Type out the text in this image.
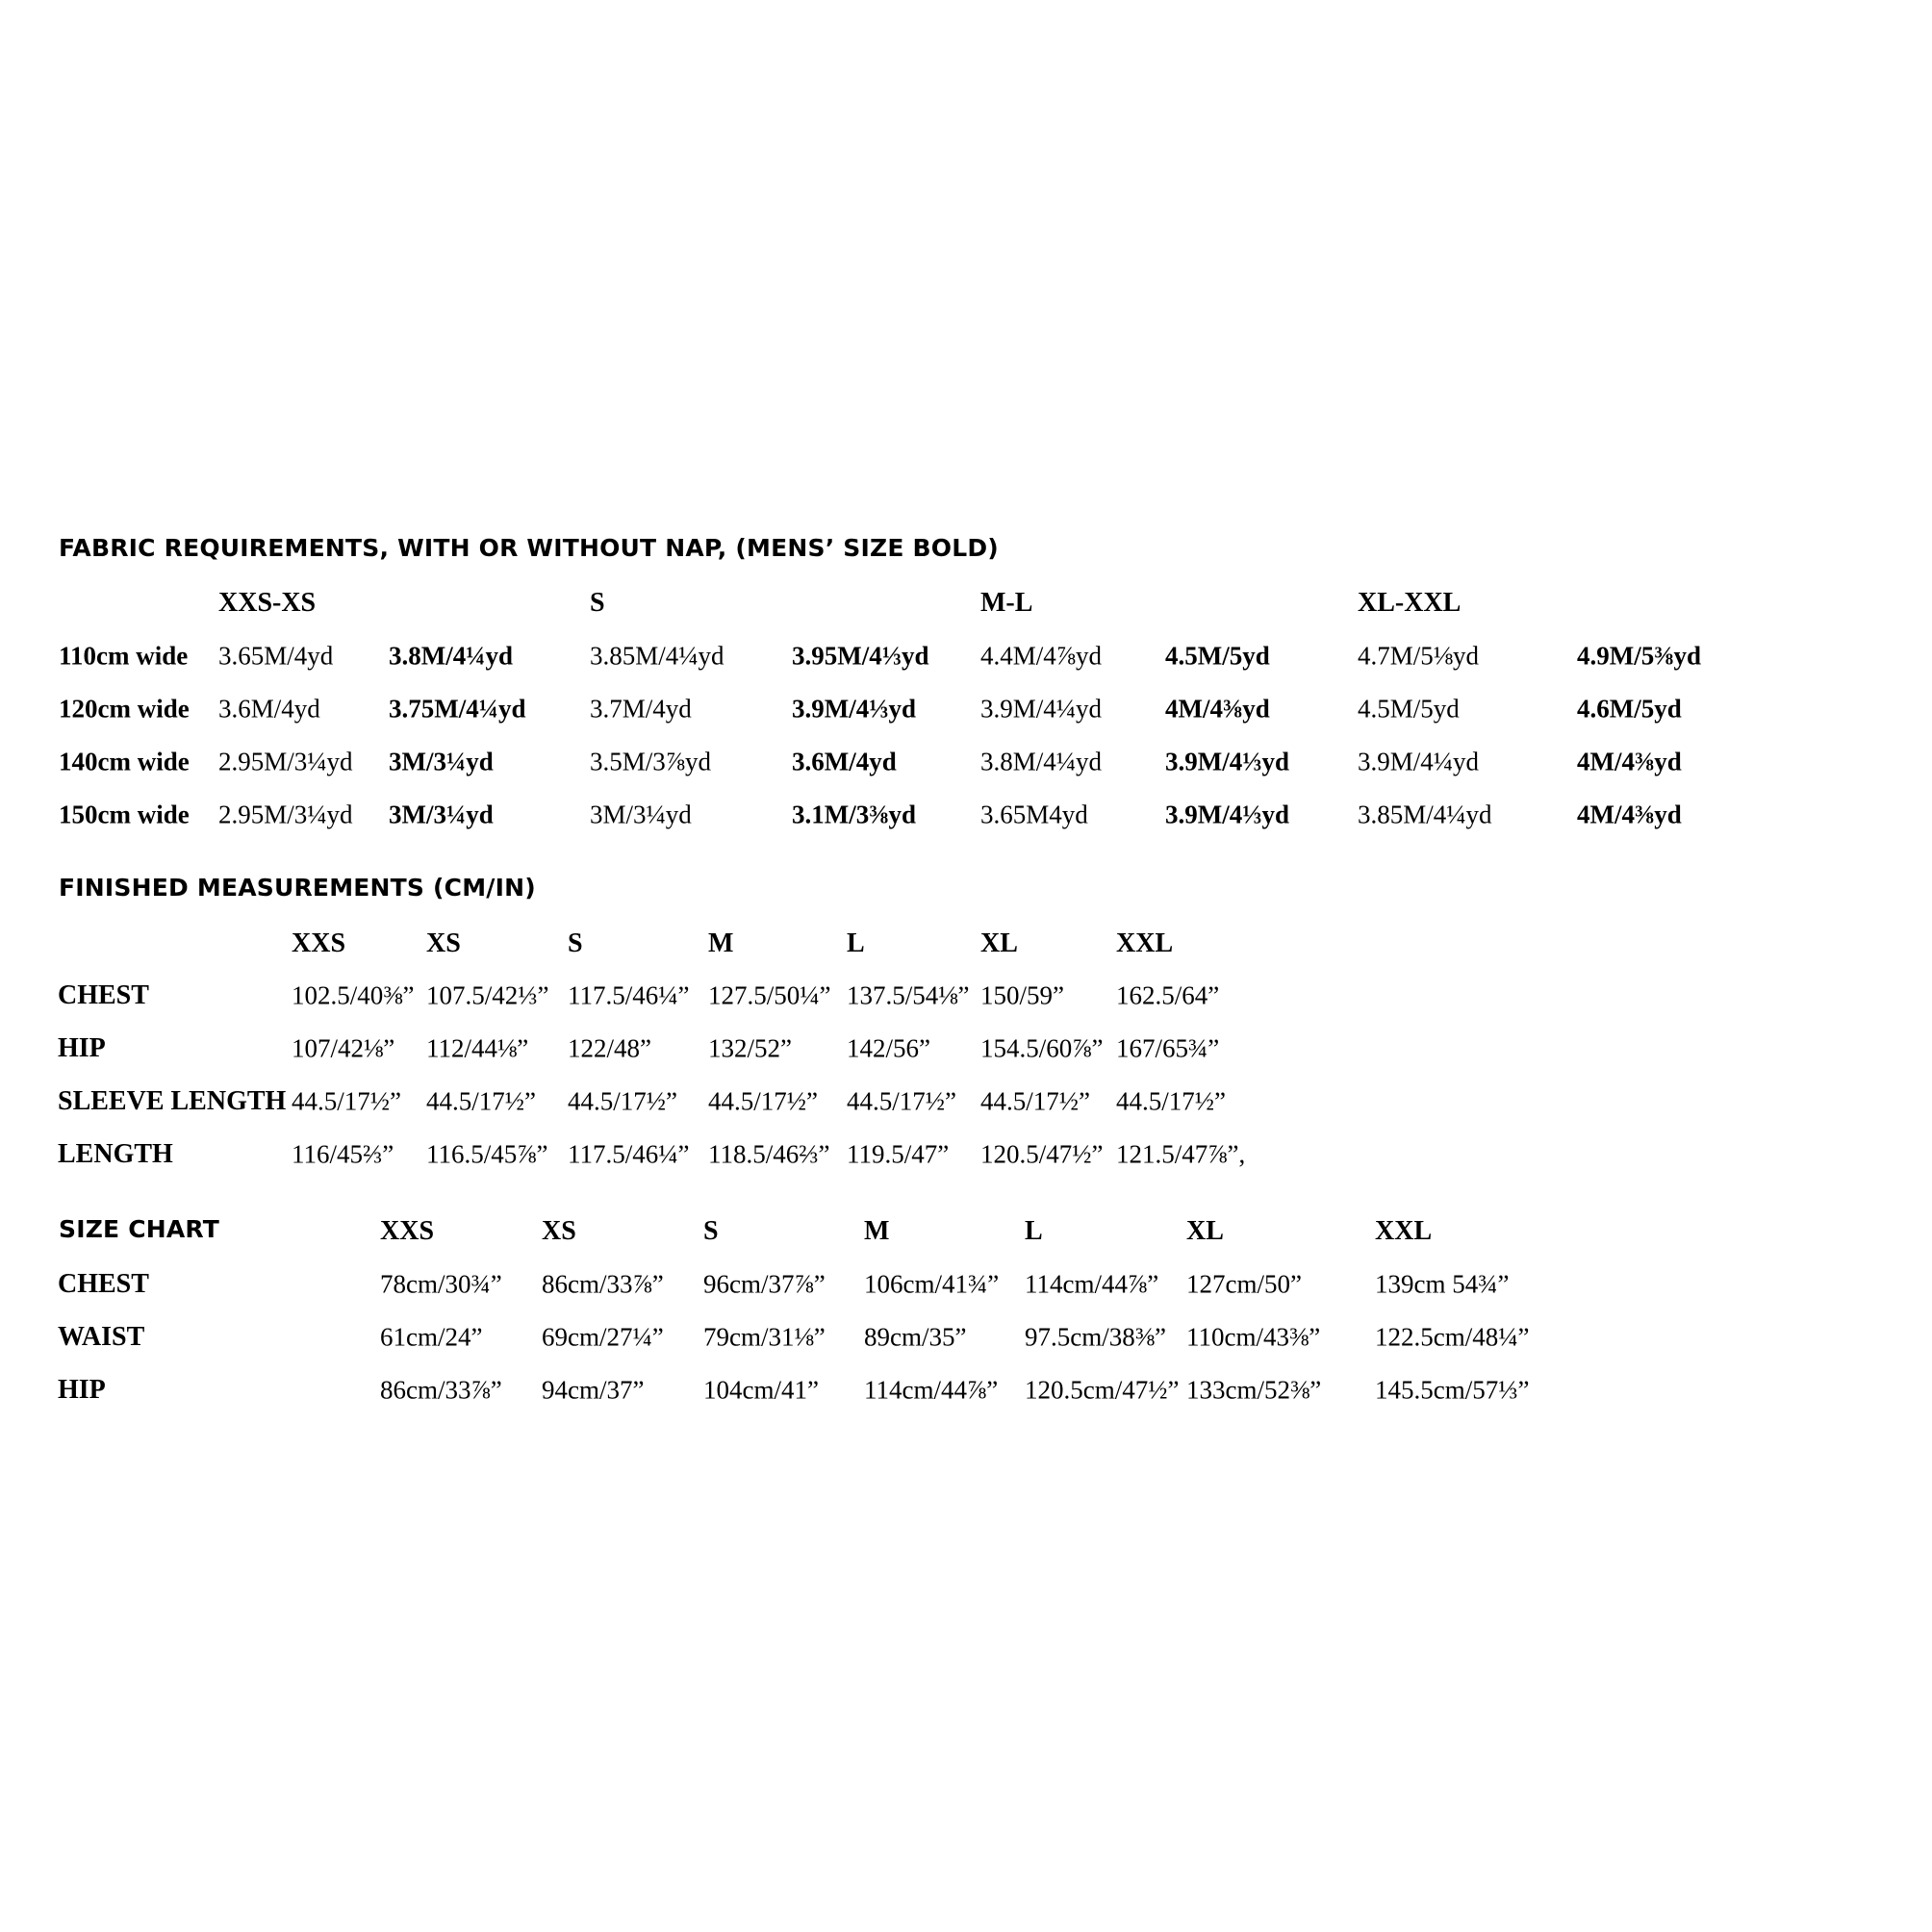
FABRIC REQUIREMENTS, WITH OR WITHOUT NAP, (MENS’ SIZE BOLD)
XXS-XS	S	M-L	XL-XXL
110cm wide 3.65M/4yd 3.8M/4¼yd	3.85M/4¼yd	3.95M/4⅓yd 4.4M/4⅞yd 4.5M/5yd	4.7M/5⅛yd	4.9M/5⅜yd
120cm wide 3.6M/4yd	3.75M/4¼yd 3.7M/4yd	3.9M/4⅓yd 3.9M/4¼yd 4M/4⅜yd	4.5M/5yd	4.6M/5yd
140cm wide 2.95M/3¼yd 3M/3¼yd	3.5M/3⅞yd	3.6M/4yd	3.8M/4¼yd 3.9M/4⅓yd	3.9M/4¼yd	4M/4⅜yd
150cm wide 2.95M/3¼yd 3M/3¼yd	3M/3¼yd	3.1M/3⅜yd 3.65M4yd	3.9M/4⅓yd	3.85M/4¼yd	4M/4⅜yd
FINISHED MEASUREMENTS (CM/IN)
XXS	XS	S	M	L	XL	XXL
CHEST	102.5/40⅜” 107.5/42⅓” 117.5/46¼” 127.5/50¼” 137.5/54⅛” 150/59” 162.5/64”
HIP	107/42⅛” 112/44⅛” 122/48” 132/52” 142/56” 154.5/60⅞” 167/65¾”
SLEEVE LENGTH 44.5/17½” 44.5/17½” 44.5/17½” 44.5/17½” 44.5/17½” 44.5/17½” 44.5/17½”
LENGTH	116/45⅔” 116.5/45⅞” 117.5/46¼” 118.5/46⅔” 119.5/47” 120.5/47½” 121.5/47⅞”,
SIZE CHART	XXS	XS	S	M	L	XL	XXL
CHEST	78cm/30¾” 86cm/33⅞” 96cm/37⅞” 106cm/41¾” 114cm/44⅞” 127cm/50”	139cm 54¾”
WAIST	61cm/24” 69cm/27¼” 79cm/31⅛” 89cm/35” 97.5cm/38⅜” 110cm/43⅜” 122.5cm/48¼”
HIP	86cm/33⅞” 94cm/37” 104cm/41” 114cm/44⅞” 120.5cm/47½” 133cm/52⅜” 145.5cm/57⅓”
